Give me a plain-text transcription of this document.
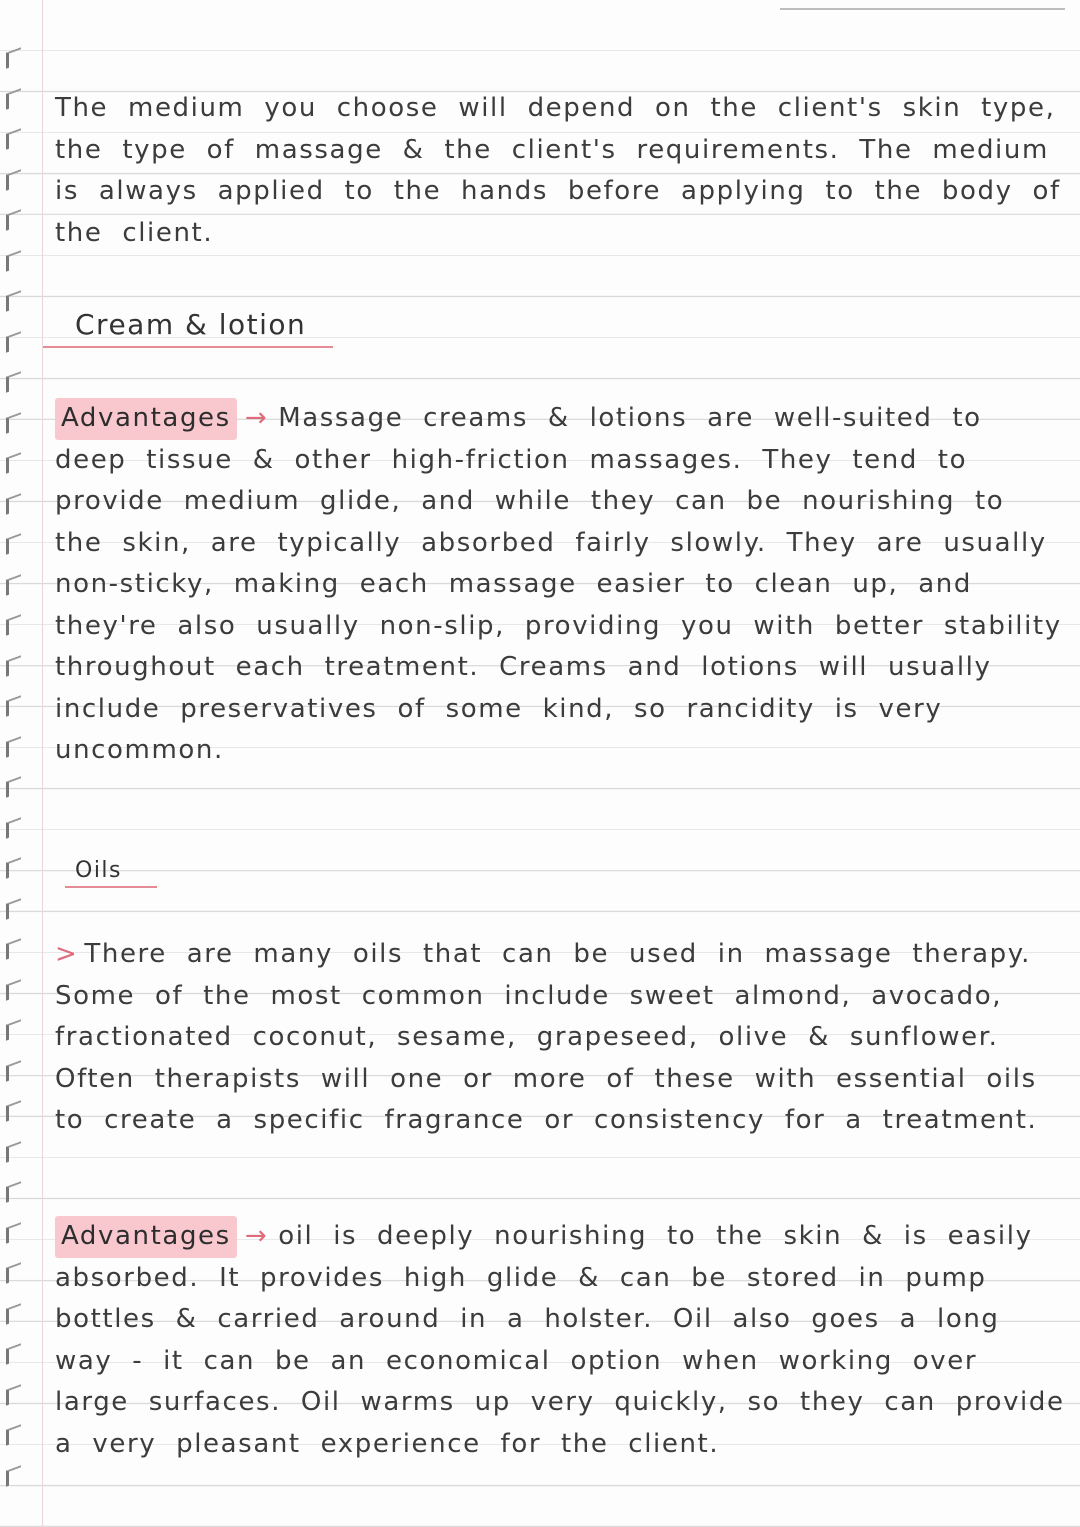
The medium you choose will depend on the client's skin type, the type of massage & the client's requirements. The medium is always applied to the hands before applying to the body of the client.
Cream & lotion
Advantages → Massage creams & lotions are well-suited to deep tissue & other high-friction massages. They tend to provide medium glide, and while they can be nourishing to the skin, are typically absorbed fairly slowly. They are usually non-sticky, making each massage easier to clean up, and they're also usually non-slip, providing you with better stability throughout each treatment. Creams and lotions will usually include preservatives of some kind, so rancidity is very uncommon.
Oils
> There are many oils that can be used in massage therapy. Some of the most common include sweet almond, avocado, fractionated coconut, sesame, grapeseed, olive & sunflower. Often therapists will one or more of these with essential oils to create a specific fragrance or consistency for a treatment.
Advantages → oil is deeply nourishing to the skin & is easily absorbed. It provides high glide & can be stored in pump bottles & carried around in a holster. Oil also goes a long way - it can be an economical option when working over large surfaces. Oil warms up very quickly, so they can provide a very pleasant experience for the client.
